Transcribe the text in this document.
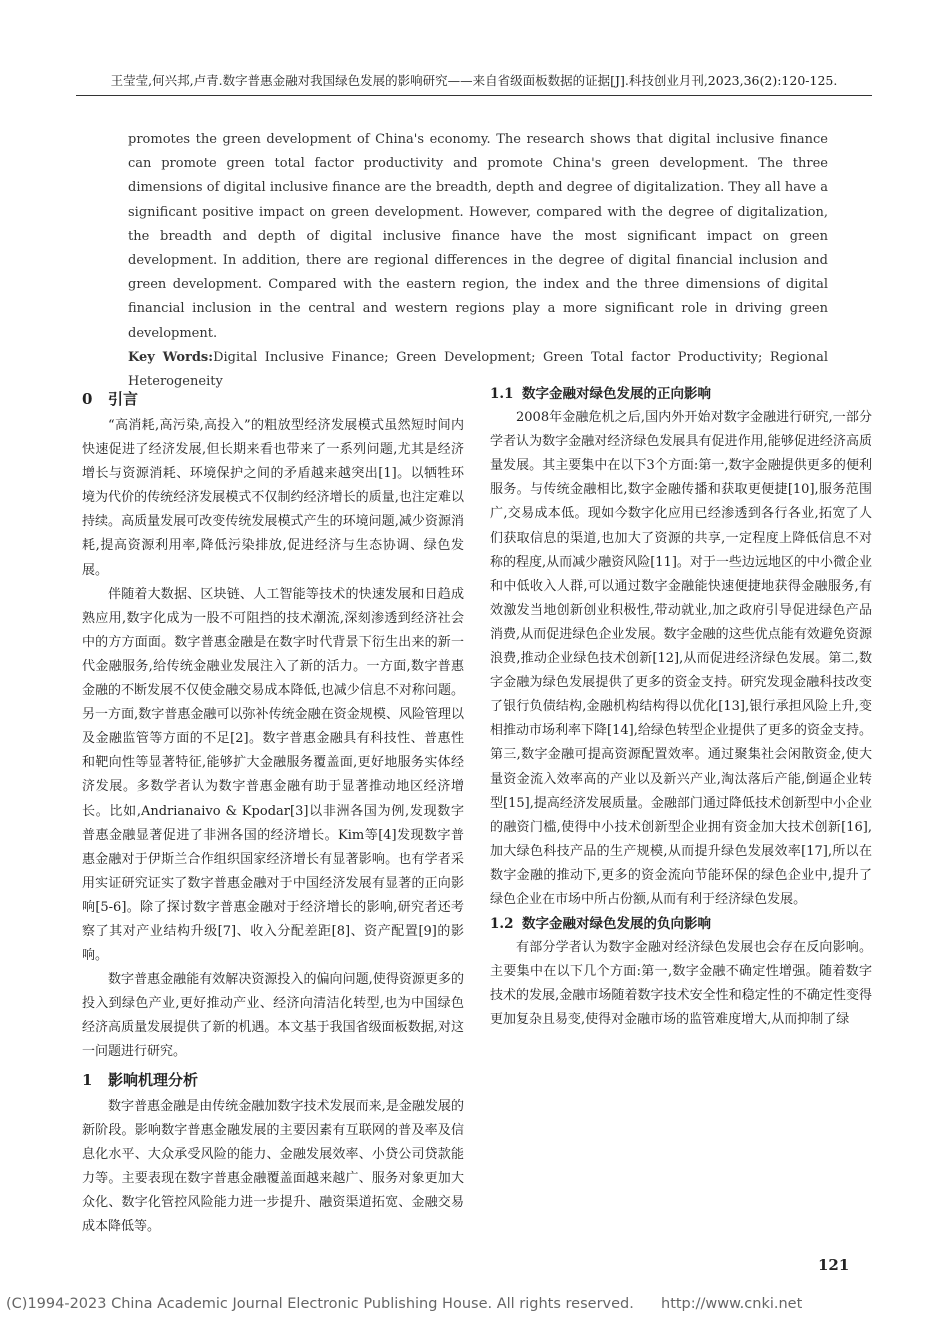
王莹莹,何兴邦,卢青.数字普惠金融对我国绿色发展的影响研究——来自省级面板数据的证据[J].科技创业月刊,2023,36(2):120-125.

promotes the green development of China's economy. The research shows that digital inclusive finance can promote green total factor productivity and promote China's green development. The three dimensions of digital inclusive finance are the breadth, depth and degree of digitalization. They all have a significant positive impact on green development. However, compared with the degree of digitalization, the breadth and depth of digital inclusive finance have the most significant impact on green development. In addition, there are regional differences in the degree of digital financial inclusion and green development. Compared with the eastern region, the index and the three dimensions of digital financial inclusion in the central and western regions play a more significant role in driving green development.

Key Words:Digital Inclusive Finance; Green Development; Green Total factor Productivity; Regional Heterogeneity

0 引言

“高消耗,高污染,高投入”的粗放型经济发展模式虽然短时间内快速促进了经济发展,但长期来看也带来了一系列问题,尤其是经济增长与资源消耗、环境保护之间的矛盾越来越突出[1]。以牺牲环境为代价的传统经济发展模式不仅制约经济增长的质量,也注定难以持续。高质量发展可改变传统发展模式产生的环境问题,减少资源消耗,提高资源利用率,降低污染排放,促进经济与生态协调、绿色发展。

伴随着大数据、区块链、人工智能等技术的快速发展和日趋成熟应用,数字化成为一股不可阻挡的技术潮流,深刻渗透到经济社会中的方方面面。数字普惠金融是在数字时代背景下衍生出来的新一代金融服务,给传统金融业发展注入了新的活力。一方面,数字普惠金融的不断发展不仅使金融交易成本降低,也减少信息不对称问题。另一方面,数字普惠金融可以弥补传统金融在资金规模、风险管理以及金融监管等方面的不足[2]。数字普惠金融具有科技性、普惠性和靶向性等显著特征,能够扩大金融服务覆盖面,更好地服务实体经济发展。多数学者认为数字普惠金融有助于显著推动地区经济增长。比如,Andrianaivo & Kpodar[3]以非洲各国为例,发现数字普惠金融显著促进了非洲各国的经济增长。Kim等[4]发现数字普惠金融对于伊斯兰合作组织国家经济增长有显著影响。也有学者采用实证研究证实了数字普惠金融对于中国经济发展有显著的正向影响[5-6]。除了探讨数字普惠金融对于经济增长的影响,研究者还考察了其对产业结构升级[7]、收入分配差距[8]、资产配置[9]的影响。

数字普惠金融能有效解决资源投入的偏向问题,使得资源更多的投入到绿色产业,更好推动产业、经济向清洁化转型,也为中国绿色经济高质量发展提供了新的机遇。本文基于我国省级面板数据,对这一问题进行研究。

1 影响机理分析

数字普惠金融是由传统金融加数字技术发展而来,是金融发展的新阶段。影响数字普惠金融发展的主要因素有互联网的普及率及信息化水平、大众承受风险的能力、金融发展效率、小贷公司贷款能力等。主要表现在数字普惠金融覆盖面越来越广、服务对象更加大众化、数字化管控风险能力进一步提升、融资渠道拓宽、金融交易成本降低等。

1.1 数字金融对绿色发展的正向影响

2008年金融危机之后,国内外开始对数字金融进行研究,一部分学者认为数字金融对经济绿色发展具有促进作用,能够促进经济高质量发展。其主要集中在以下3个方面:第一,数字金融提供更多的便利服务。与传统金融相比,数字金融传播和获取更便捷[10],服务范围广,交易成本低。现如今数字化应用已经渗透到各行各业,拓宽了人们获取信息的渠道,也加大了资源的共享,一定程度上降低信息不对称的程度,从而减少融资风险[11]。对于一些边远地区的中小微企业和中低收入人群,可以通过数字金融能快速便捷地获得金融服务,有效激发当地创新创业积极性,带动就业,加之政府引导促进绿色产品消费,从而促进绿色企业发展。数字金融的这些优点能有效避免资源浪费,推动企业绿色技术创新[12],从而促进经济绿色发展。第二,数字金融为绿色发展提供了更多的资金支持。研究发现金融科技改变了银行负债结构,金融机构结构得以优化[13],银行承担风险上升,变相推动市场利率下降[14],给绿色转型企业提供了更多的资金支持。第三,数字金融可提高资源配置效率。通过聚集社会闲散资金,使大量资金流入效率高的产业以及新兴产业,淘汰落后产能,倒逼企业转型[15],提高经济发展质量。金融部门通过降低技术创新型中小企业的融资门槛,使得中小技术创新型企业拥有资金加大技术创新[16],加大绿色科技产品的生产规模,从而提升绿色发展效率[17],所以在数字金融的推动下,更多的资金流向节能环保的绿色企业中,提升了绿色企业在市场中所占份额,从而有利于经济绿色发展。

1.2 数字金融对绿色发展的负向影响

有部分学者认为数字金融对经济绿色发展也会存在反向影响。主要集中在以下几个方面:第一,数字金融不确定性增强。随着数字技术的发展,金融市场随着数字技术安全性和稳定性的不确定性变得更加复杂且易变,使得对金融市场的监管难度增大,从而抑制了绿

121
(C)1994-2023 China Academic Journal Electronic Publishing House. All rights reserved. http://www.cnki.net
